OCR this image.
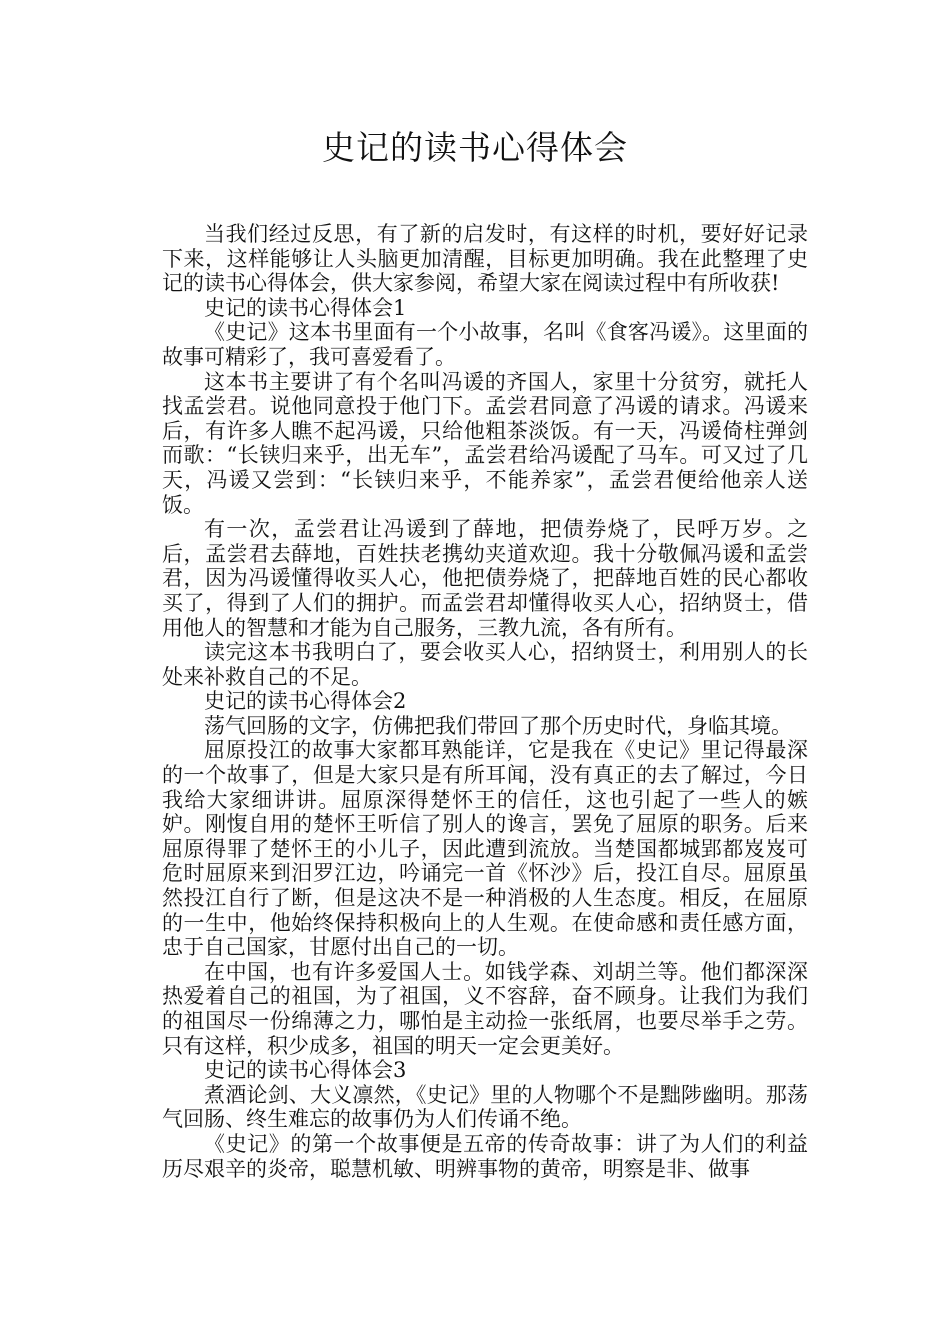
史记的读书心得体会

当我们经过反思，有了新的启发时，有这样的时机，要好好记录下来，这样能够让人头脑更加清醒，目标更加明确。我在此整理了史记的读书心得体会，供大家参阅，希望大家在阅读过程中有所收获!

史记的读书心得体会1

《史记》这本书里面有一个小故事，名叫《食客冯谖》。这里面的故事可精彩了，我可喜爱看了。

这本书主要讲了有个名叫冯谖的齐国人，家里十分贫穷，就托人找孟尝君。说他同意投于他门下。孟尝君同意了冯谖的请求。冯谖来后，有许多人瞧不起冯谖，只给他粗茶淡饭。有一天，冯谖倚柱弹剑而歌：“长铗归来乎，出无车”，孟尝君给冯谖配了马车。可又过了几天，冯谖又尝到：“长铗归来乎，不能养家”，孟尝君便给他亲人送饭。

有一次，孟尝君让冯谖到了薛地，把债券烧了，民呼万岁。之后，孟尝君去薛地，百姓扶老携幼夹道欢迎。我十分敬佩冯谖和孟尝君，因为冯谖懂得收买人心，他把债券烧了，把薛地百姓的民心都收买了，得到了人们的拥护。而孟尝君却懂得收买人心，招纳贤士，借用他人的智慧和才能为自己服务，三教九流，各有所有。

读完这本书我明白了，要会收买人心，招纳贤士，利用别人的长处来补救自己的不足。

史记的读书心得体会2

荡气回肠的文字，仿佛把我们带回了那个历史时代，身临其境。

屈原投江的故事大家都耳熟能详，它是我在《史记》里记得最深的一个故事了，但是大家只是有所耳闻，没有真正的去了解过，今日我给大家细讲讲。屈原深得楚怀王的信任，这也引起了一些人的嫉妒。刚愎自用的楚怀王听信了别人的谗言，罢免了屈原的职务。后来屈原得罪了楚怀王的小儿子，因此遭到流放。当楚国都城郢都岌岌可危时屈原来到汨罗江边，吟诵完一首《怀沙》后，投江自尽。屈原虽然投江自行了断，但是这决不是一种消极的人生态度。相反，在屈原的一生中，他始终保持积极向上的人生观。在使命感和责任感方面，忠于自己国家，甘愿付出自己的一切。

在中国，也有许多爱国人士。如钱学森、刘胡兰等。他们都深深热爱着自己的祖国，为了祖国，义不容辞，奋不顾身。让我们为我们的祖国尽一份绵薄之力，哪怕是主动捡一张纸屑，也要尽举手之劳。只有这样，积少成多，祖国的明天一定会更美好。

史记的读书心得体会3

煮酒论剑、大义凛然，《史记》里的人物哪个不是黜陟幽明。那荡气回肠、终生难忘的故事仍为人们传诵不绝。

《史记》的第一个故事便是五帝的传奇故事：讲了为人们的利益历尽艰辛的炎帝，聪慧机敏、明辨事物的黄帝，明察是非、做事
